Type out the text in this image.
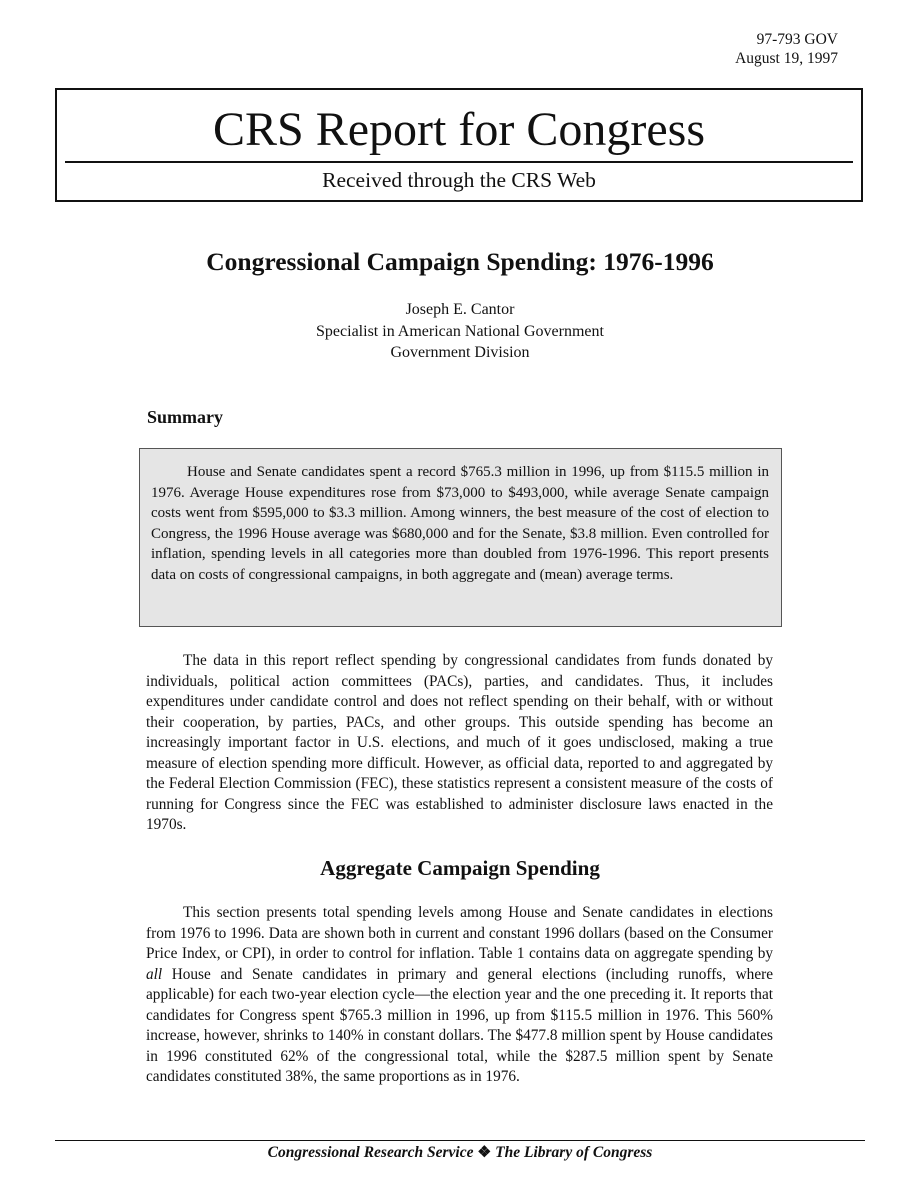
97-793 GOV
August 19, 1997
CRS Report for Congress
Received through the CRS Web
Congressional Campaign Spending: 1976-1996
Joseph E. Cantor
Specialist in American National Government
Government Division
Summary
House and Senate candidates spent a record $765.3 million in 1996, up from $115.5 million in 1976. Average House expenditures rose from $73,000 to $493,000, while average Senate campaign costs went from $595,000 to $3.3 million. Among winners, the best measure of the cost of election to Congress, the 1996 House average was $680,000 and for the Senate, $3.8 million. Even controlled for inflation, spending levels in all categories more than doubled from 1976-1996. This report presents data on costs of congressional campaigns, in both aggregate and (mean) average terms.

The data in this report reflect spending by congressional candidates from funds donated by individuals, political action committees (PACs), parties, and candidates. Thus, it includes expenditures under candidate control and does not reflect spending on their behalf, with or without their cooperation, by parties, PACs, and other groups. This outside spending has become an increasingly important factor in U.S. elections, and much of it goes undisclosed, making a true measure of election spending more difficult. However, as official data, reported to and aggregated by the Federal Election Commission (FEC), these statistics represent a consistent measure of the costs of running for Congress since the FEC was established to administer disclosure laws enacted in the 1970s.

Aggregate Campaign Spending

This section presents total spending levels among House and Senate candidates in elections from 1976 to 1996. Data are shown both in current and constant 1996 dollars (based on the Consumer Price Index, or CPI), in order to control for inflation. Table 1 contains data on aggregate spending by all House and Senate candidates in primary and general elections (including runoffs, where applicable) for each two-year election cycle—the election year and the one preceding it. It reports that candidates for Congress spent $765.3 million in 1996, up from $115.5 million in 1976. This 560% increase, however, shrinks to 140% in constant dollars. The $477.8 million spent by House candidates in 1996 constituted 62% of the congressional total, while the $287.5 million spent by Senate candidates constituted 38%, the same proportions as in 1976.

Congressional Research Service ❖ The Library of Congress
